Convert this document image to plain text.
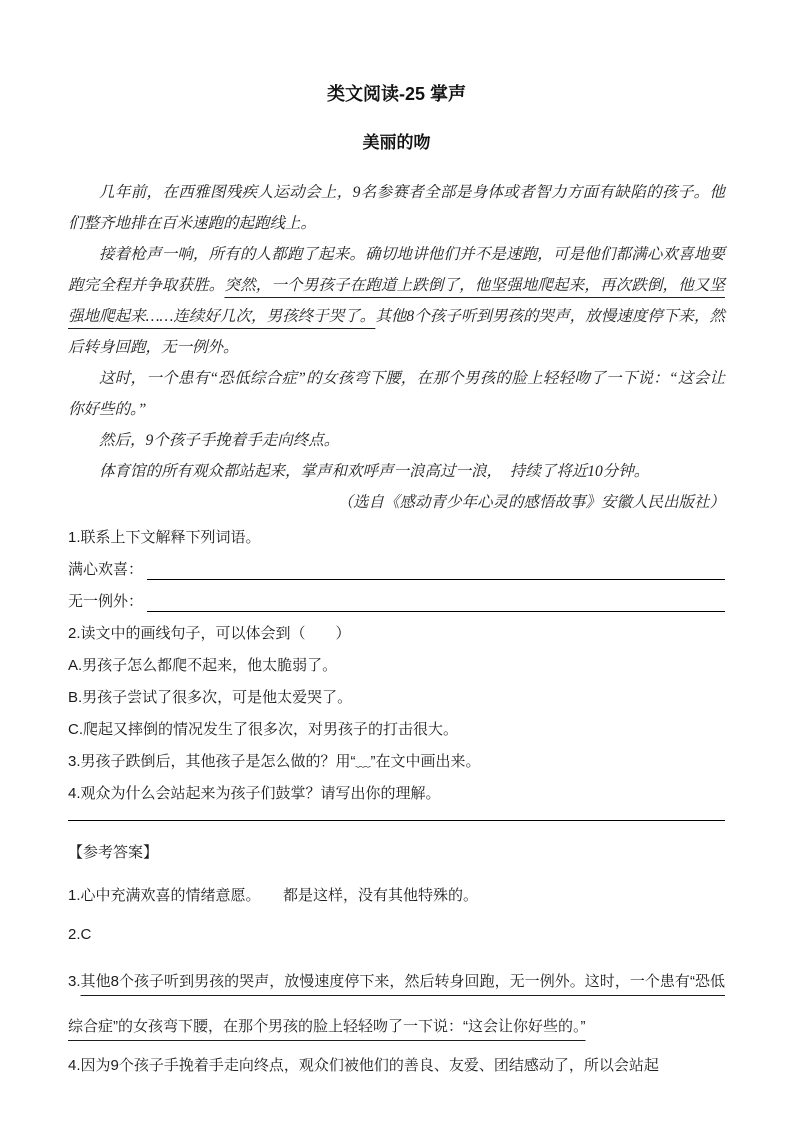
类文阅读-25 掌声
美丽的吻

几年前，在西雅图残疾人运动会上，9名参赛者全部是身体或者智力方面有缺陷的孩子。他们整齐地排在百米速跑的起跑线上。

接着枪声一响，所有的人都跑了起来。确切地讲他们并不是速跑，可是他们都满心欢喜地要跑完全程并争取获胜。突然，一个男孩子在跑道上跌倒了，他坚强地爬起来，再次跌倒，他又坚强地爬起来……连续好几次，男孩终于哭了。其他8个孩子听到男孩的哭声，放慢速度停下来，然后转身回跑，无一例外。

这时，一个患有“恐低综合症”的女孩弯下腰，在那个男孩的脸上轻轻吻了一下说：“这会让你好些的。”

然后，9个孩子手挽着手走向终点。

体育馆的所有观众都站起来，掌声和欢呼声一浪高过一浪，　持续了将近10分钟。

（选自《感动青少年心灵的感悟故事》安徽人民出版社）

1.联系上下文解释下列词语。

满心欢喜：
无一例外：

2.读文中的画线句子，可以体会到（　　）

A.男孩子怎么都爬不起来，他太脆弱了。

B.男孩子尝试了很多次，可是他太爱哭了。

C.爬起又摔倒的情况发生了很多次，对男孩子的打击很大。

3.男孩子跌倒后，其他孩子是怎么做的？用“﹏”在文中画出来。

4.观众为什么会站起来为孩子们鼓掌？请写出你的理解。

【参考答案】

1.心中充满欢喜的情绪意愿。　　都是这样，没有其他特殊的。

2.C

3.其他8个孩子听到男孩的哭声，放慢速度停下来，然后转身回跑，无一例外。这时，一个患有“恐低综合症”的女孩弯下腰，在那个男孩的脸上轻轻吻了一下说：“这会让你好些的。”

4.因为9个孩子手挽着手走向终点，观众们被他们的善良、友爱、团结感动了，所以会站起
